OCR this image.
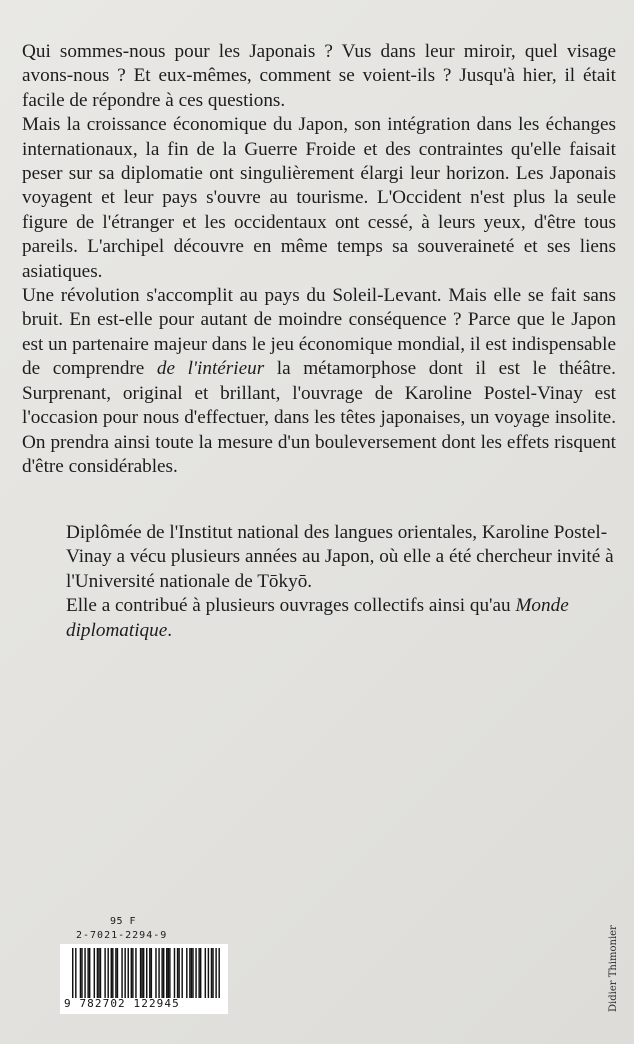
Qui sommes-nous pour les Japonais ? Vus dans leur miroir, quel visage avons-nous ? Et eux-mêmes, comment se voient-ils ? Jusqu'à hier, il était facile de répondre à ces questions.

Mais la croissance économique du Japon, son intégration dans les échanges internationaux, la fin de la Guerre Froide et des contraintes qu'elle faisait peser sur sa diplomatie ont singulièrement élargi leur horizon. Les Japonais voyagent et leur pays s'ouvre au tourisme. L'Occident n'est plus la seule figure de l'étranger et les occidentaux ont cessé, à leurs yeux, d'être tous pareils. L'archipel découvre en même temps sa souveraineté et ses liens asiatiques.

Une révolution s'accomplit au pays du Soleil-Levant. Mais elle se fait sans bruit. En est-elle pour autant de moindre conséquence ? Parce que le Japon est un partenaire majeur dans le jeu économique mondial, il est indispensable de comprendre de l'intérieur la métamorphose dont il est le théâtre. Surprenant, original et brillant, l'ouvrage de Karoline Postel-Vinay est l'occasion pour nous d'effectuer, dans les têtes japonaises, un voyage insolite. On prendra ainsi toute la mesure d'un bouleversement dont les effets risquent d'être considérables.

Diplômée de l'Institut national des langues orientales, Karoline Postel-Vinay a vécu plusieurs années au Japon, où elle a été chercheur invité à l'Université nationale de Tōkyō.

Elle a contribué à plusieurs ouvrages collectifs ainsi qu'au Monde diplomatique.

95 F
2-7021-2294-9
9 782702 122945	Didier Thimonier
